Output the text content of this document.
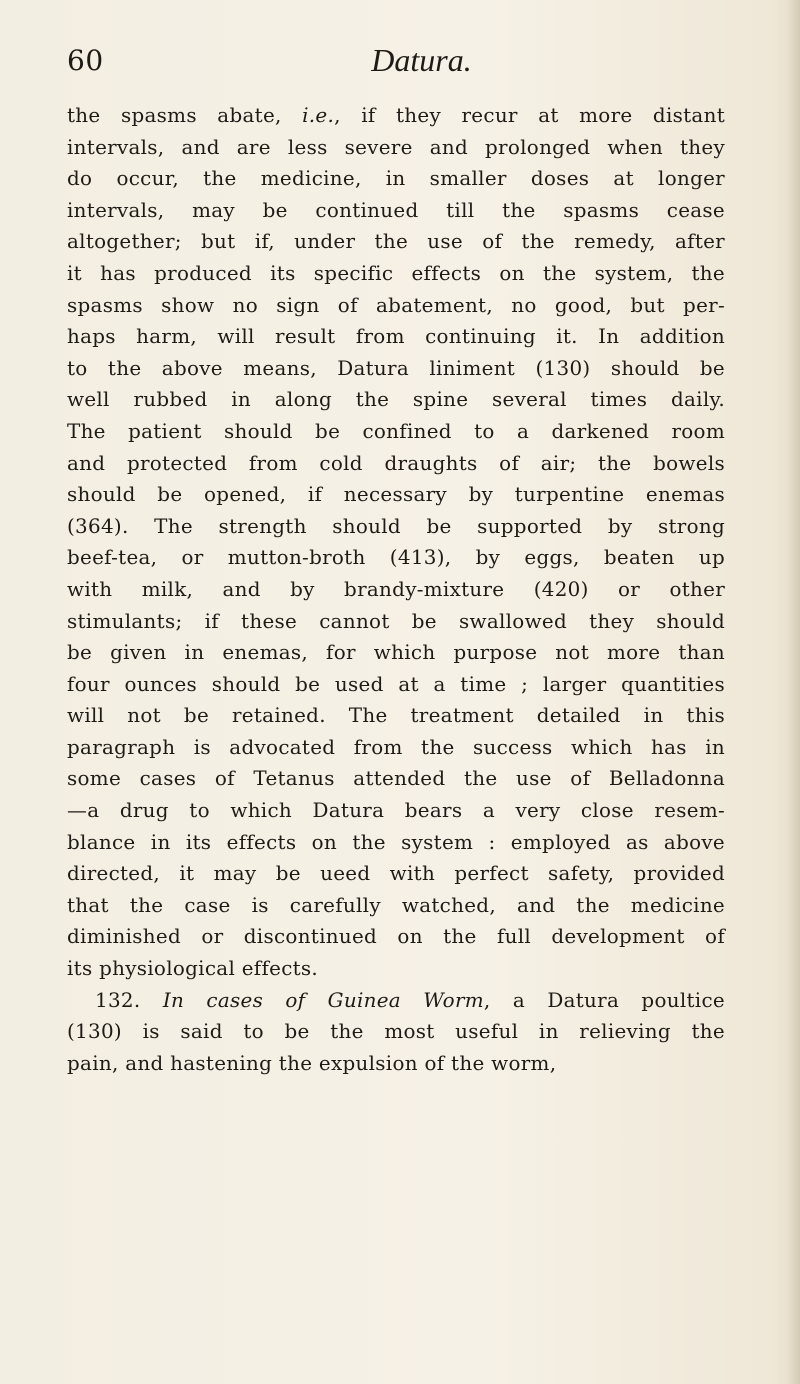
60	Datura.
the spasms abate, i.e., if they recur at more distant
intervals, and are less severe and prolonged when they
do occur, the medicine, in smaller doses at longer
intervals, may be continued till the spasms cease
altogether; but if, under the use of the remedy, after
it has produced its specific effects on the system, the
spasms show no sign of abatement, no good, but per-
haps harm, will result from continuing it. In addition
to the above means, Datura liniment (130) should be
well rubbed in along the spine several times daily.
The patient should be confined to a darkened room
and protected from cold draughts of air; the bowels
should be opened, if necessary by turpentine enemas
(364). The strength should be supported by strong
beef-tea, or mutton-broth (413), by eggs, beaten up
with milk, and by brandy-mixture (420) or other
stimulants; if these cannot be swallowed they should
be given in enemas, for which purpose not more than
four ounces should be used at a time ; larger quantities
will not be retained. The treatment detailed in this
paragraph is advocated from the success which has in
some cases of Tetanus attended the use of Belladonna
—a drug to which Datura bears a very close resem-
blance in its effects on the system : employed as above
directed, it may be ueed with perfect safety, provided
that the case is carefully watched, and the medicine
diminished or discontinued on the full development of
its physiological effects.
132. In cases of Guinea Worm, a Datura poultice
(130) is said to be the most useful in relieving the
pain, and hastening the expulsion of the worm,
